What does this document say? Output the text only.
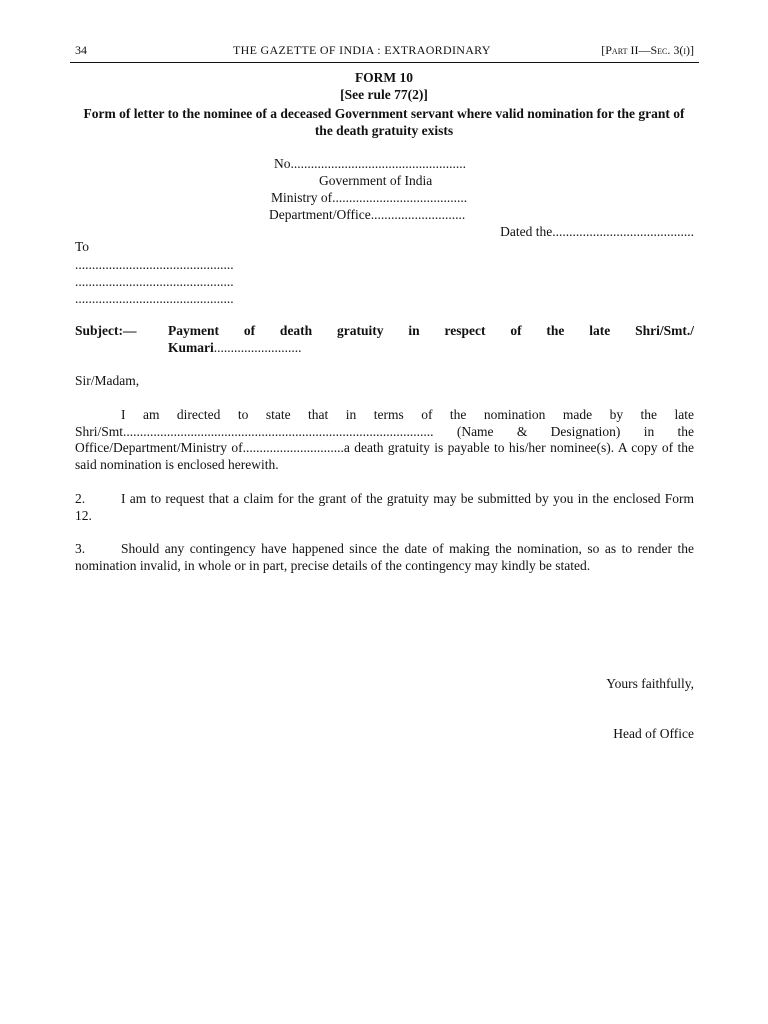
34	THE GAZETTE OF INDIA : EXTRAORDINARY	[Part II—Sec. 3(i)]
FORM 10
[See rule 77(2)]
Form of letter to the nominee of a deceased Government servant where valid nomination for the grant of the death gratuity exists
No....................................................
Government of India
Ministry of........................................
Department/Office............................
Dated the..........................................
To
...............................................
...............................................
...............................................
Subject:— Payment of death gratuity in respect of the late Shri/Smt./
Kumari..........................
Sir/Madam,
I am directed to state that in terms of the nomination made by the late Shri/Smt............................................................................................ (Name & Designation) in the Office/Department/Ministry of..............................a death gratuity is payable to his/her nominee(s). A copy of the said nomination is enclosed herewith.
2.	I am to request that a claim for the grant of the gratuity may be submitted by you in the enclosed Form 12.
3.	Should any contingency have happened since the date of making the nomination, so as to render the nomination invalid, in whole or in part, precise details of the contingency may kindly be stated.
Yours faithfully,
Head of Office
